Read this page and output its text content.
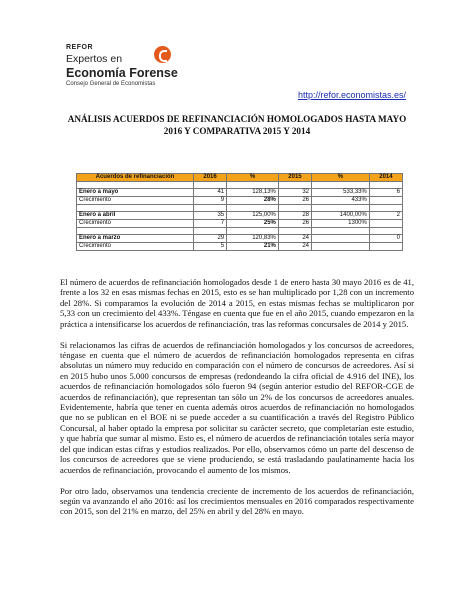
REFOR
Expertos en
Economía Forense
Consejo General de Economistas
http://refor.economistas.es/
ANÁLISIS ACUERDOS DE REFINANCIACIÓN HOMOLOGADOS HASTA MAYO 2016 Y COMPARATIVA 2015 Y 2014
Acuerdos de refinanciación	2016	%	2015	%	2014

Enero a mayo	41	128,13%	32	533,33%	6
Crecimiento	9	28%	26	433%	

Enero a abril	35	125,00%	28	1400,00%	2
Crecimiento	7	25%	26	1300%	

Enero a marzo	29	120,83%	24		0
Crecimiento	5	21%	24		

El número de acuerdos de refinanciación homologados desde 1 de enero hasta 30 mayo 2016 es de 41, frente a los 32 en esas mismas fechas en 2015, esto es se han multiplicado por 1,28 con un incremento del 28%. Si comparamos la evolución de 2014 a 2015, en estas mismas fechas se multiplicaron por 5,33 con un crecimiento del 433%. Téngase en cuenta que fue en el año 2015, cuando empezaron en la práctica a intensificarse los acuerdos de refinanciación, tras las reformas concursales de 2014 y 2015.

Si relacionamos las cifras de acuerdos de refinanciación homologados y los concursos de acreedores, téngase en cuenta que el número de acuerdos de refinanciación homologados representa en cifras absolutas un número muy reducido en comparación con el número de concursos de acreedores. Así si en 2015 hubo unos 5.000 concursos de empresas (redondeando la cifra oficial de 4.916 del INE), los acuerdos de refinanciación homologados sólo fueron 94 (según anterior estudio del REFOR-CGE de acuerdos de refinanciación), que representan tan sólo un 2% de los concursos de acreedores anuales. Evidentemente, habría que tener en cuenta además otros acuerdos de refinanciación no homologados que no se publican en el BOE ni se puede acceder a su cuantificación a través del Registro Público Concursal, al haber optado la empresa por solicitar su carácter secreto, que completarían este estudio, y que habría que sumar al mismo. Esto es, el número de acuerdos de refinanciación totales sería mayor del que indican estas cifras y estudios realizados. Por ello, observamos cómo un parte del descenso de los concursos de acreedores que se viene produciendo, se está trasladando paulatinamente hacia los acuerdos de refinanciación, provocando el aumento de los mismos.

Por otro lado, observamos una tendencia creciente de incremento de los acuerdos de refinanciación, según va avanzando el año 2016: así los crecimientos mensuales en 2016 comparados respectivamente con 2015, son del 21% en marzo, del 25% en abril y del 28% en mayo.
